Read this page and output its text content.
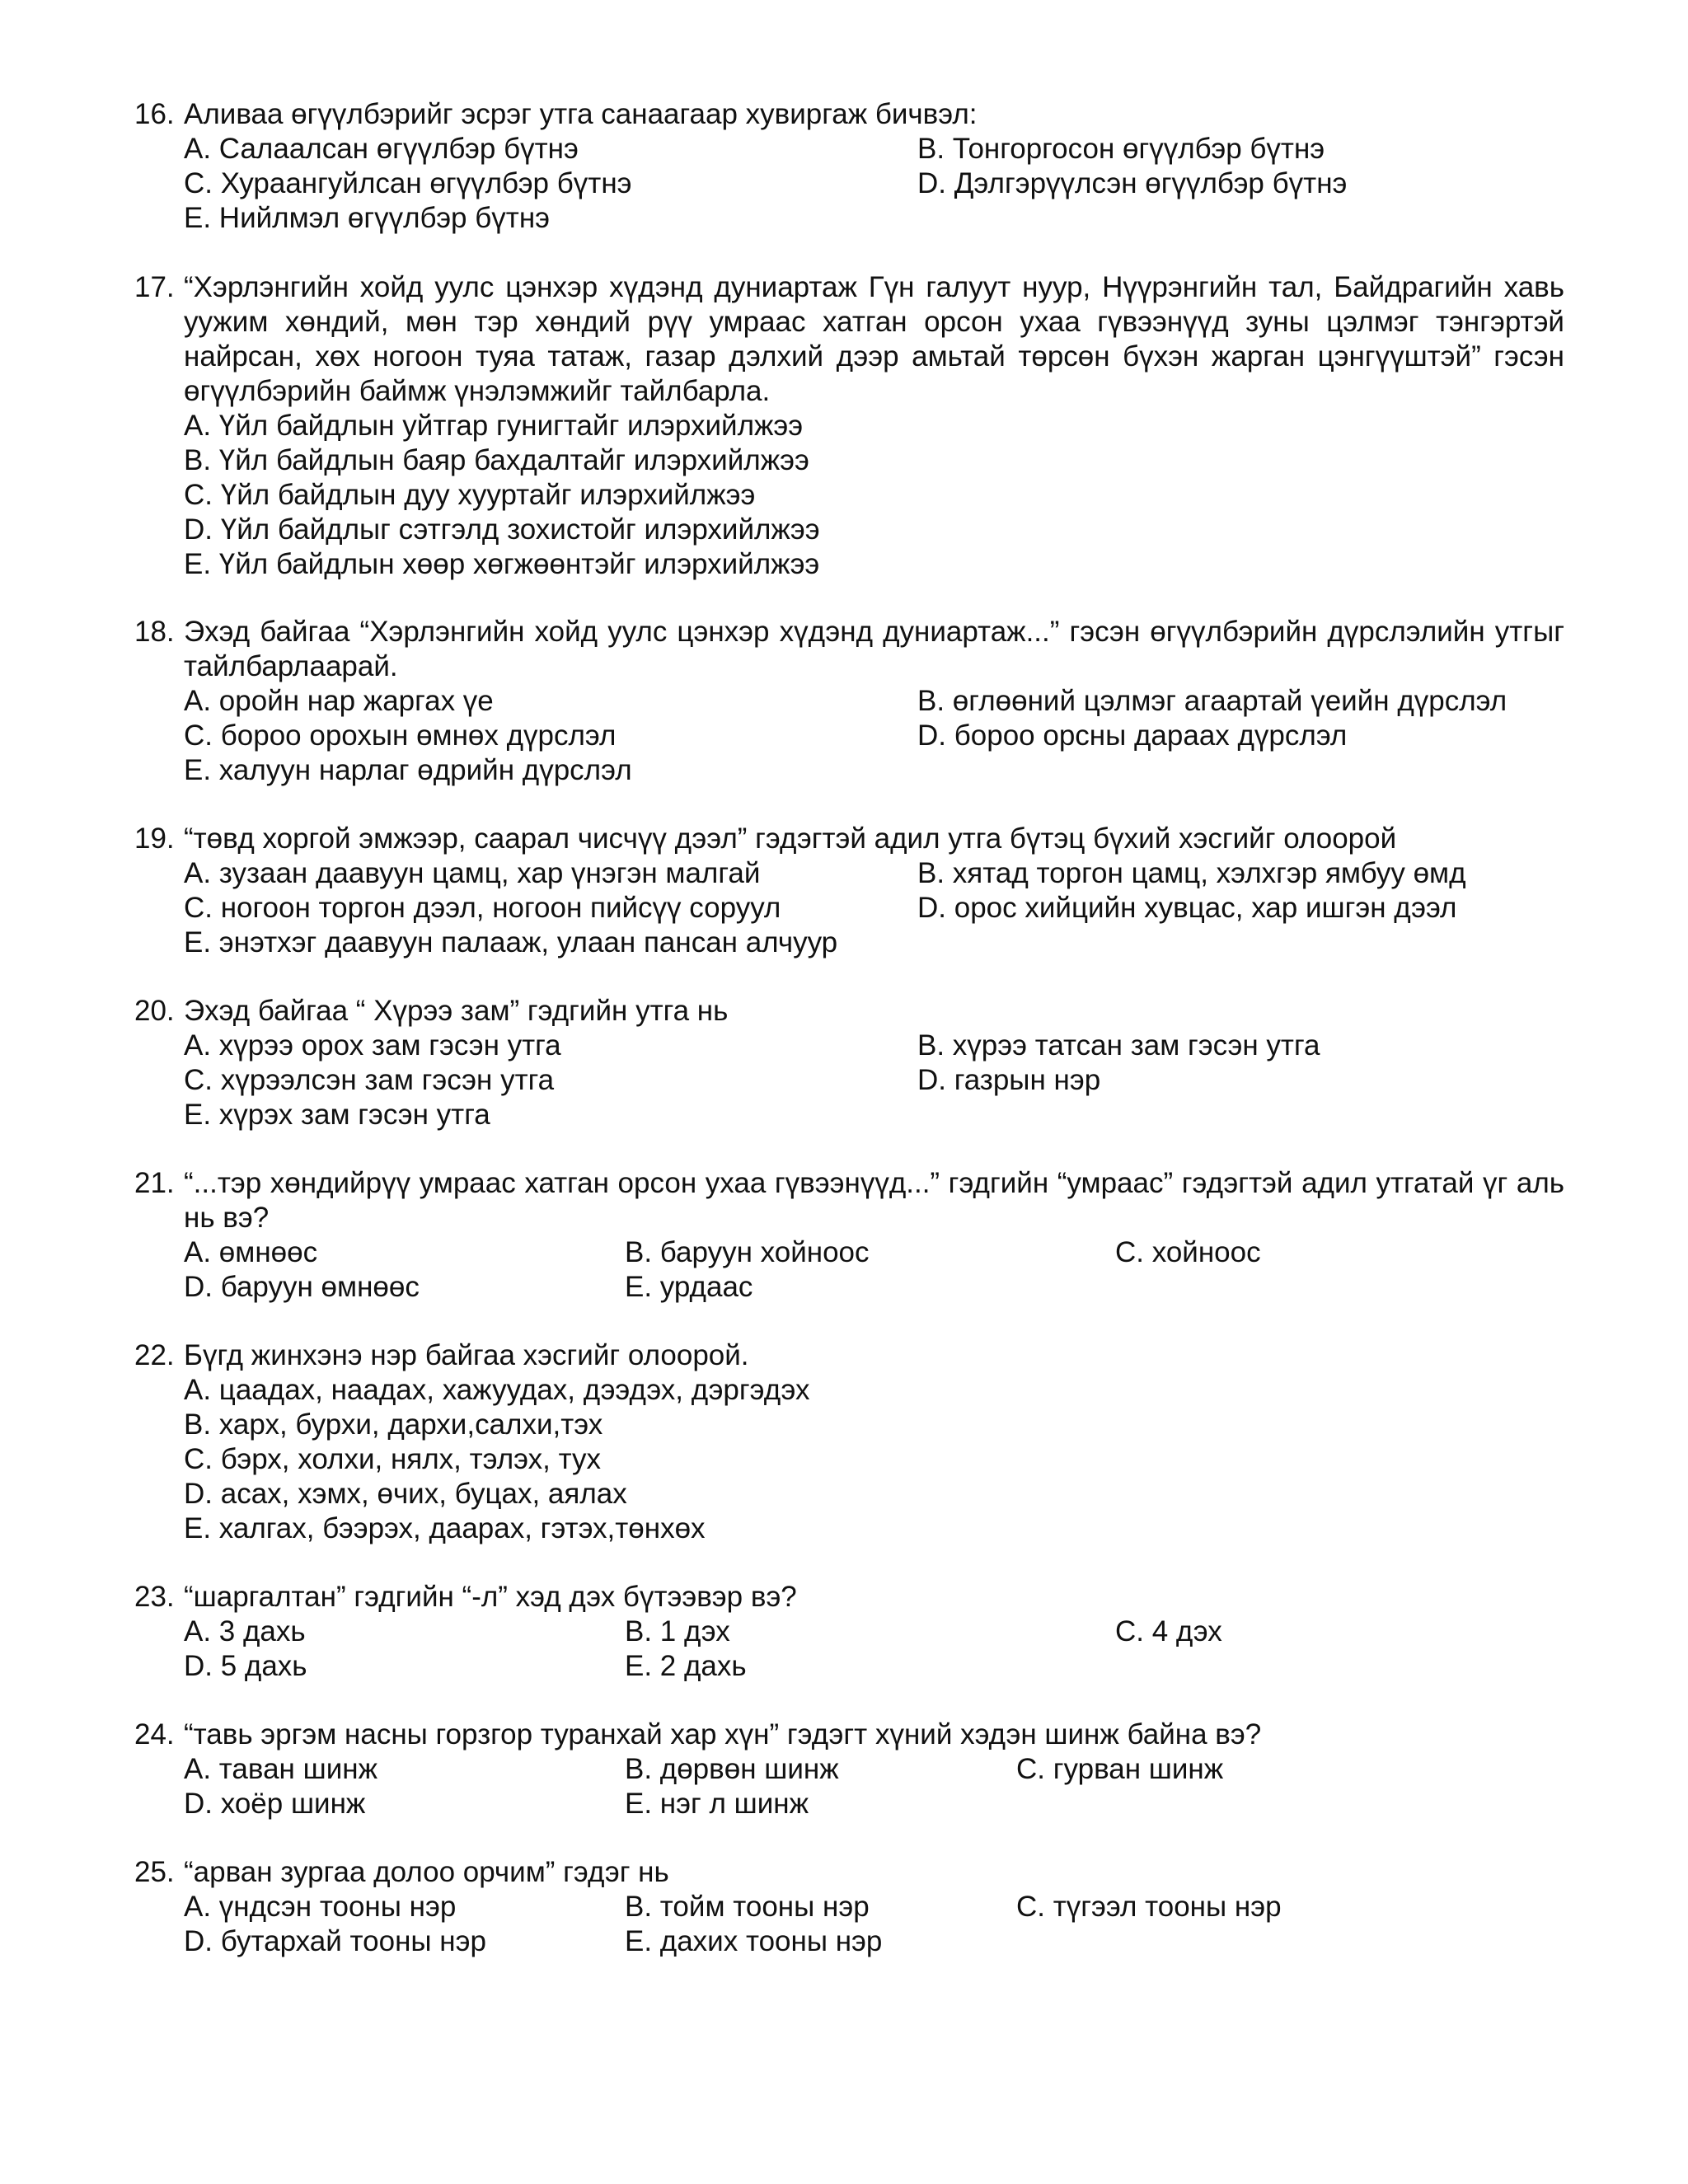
16. Аливаа өгүүлбэрийг эсрэг утга санаагаар хувиргаж бичвэл:
A. Салаалсан өгүүлбэр бүтнэ	B. Тонгоргосон өгүүлбэр бүтнэ
C. Хураангуйлсан өгүүлбэр бүтнэ	D. Дэлгэрүүлсэн өгүүлбэр бүтнэ
E. Нийлмэл өгүүлбэр бүтнэ
17. “Хэрлэнгийн хойд уулс цэнхэр хүдэнд дуниартаж Гүн галуут нуур, Нүүрэнгийн тал, Байдрагийн хавь уужим хөндий, мөн тэр хөндий рүү умраас хатган орсон ухаа гүвээнүүд зуны цэлмэг тэнгэртэй найрсан, хөх ногоон туяа татаж, газар дэлхий дээр амьтай төрсөн бүхэн жарган цэнгүүштэй” гэсэн өгүүлбэрийн баймж үнэлэмжийг тайлбарла.
A. Үйл байдлын уйтгар гунигтайг илэрхийлжээ
B. Үйл байдлын баяр бахдалтайг илэрхийлжээ
C. Үйл байдлын дуу хууртайг илэрхийлжээ
D. Үйл байдлыг сэтгэлд зохистойг илэрхийлжээ
E. Үйл байдлын хөөр хөгжөөнтэйг илэрхийлжээ
18. Эхэд байгаа “Хэрлэнгийн хойд уулс цэнхэр хүдэнд дуниартаж...” гэсэн өгүүлбэрийн дүрслэлийн утгыг тайлбарлаарай.
A. оройн нар жаргах үе	B. өглөөний цэлмэг агаартай үеийн дүрслэл
C. бороо орохын өмнөх дүрслэл	D. бороо орсны дараах дүрслэл
E. халуун нарлаг өдрийн дүрслэл
19. “төвд хоргой эмжээр, саарал чисчүү дээл” гэдэгтэй адил утга бүтэц бүхий хэсгийг олоорой
A. зузаан даавуун цамц, хар үнэгэн малгай	B. хятад торгон цамц, хэлхгэр ямбуу өмд
C. ногоон торгон дээл, ногоон пийсүү соруул	D. орос хийцийн хувцас, хар ишгэн дээл
E. энэтхэг даавуун палааж, улаан пансан алчуур
20. Эхэд байгаа “ Хүрээ зам” гэдгийн утга нь
A. хүрээ орох зам гэсэн утга	B. хүрээ татсан зам гэсэн утга
C. хүрээлсэн зам гэсэн утга	D. газрын нэр
E. хүрэх зам гэсэн утга
21. “...тэр хөндийрүү умраас хатган орсон ухаа гүвээнүүд...” гэдгийн “умраас” гэдэгтэй адил утгатай үг аль нь вэ?
A. өмнөөс	B. баруун хойноос	C. хойноос
D. баруун өмнөөс	E. урдаас
22. Бүгд жинхэнэ нэр байгаа хэсгийг олоорой.
A. цаадах, наадах, хажуудах, дээдэх, дэргэдэх
B. харх, бурхи, дархи,салхи,тэх
C. бэрх, холхи, нялх, тэлэх, тух
D. асах, хэмх, өчих, буцах, аялах
E. халгах, бээрэх, даарах, гэтэх,төнхөх
23. “шаргалтан” гэдгийн “-л” хэд дэх бүтээвэр вэ?
A. 3 дахь	B. 1 дэх	C. 4 дэх
D. 5 дахь	E. 2 дахь
24. “тавь эргэм насны горзгор туранхай хар хүн” гэдэгт хүний хэдэн шинж байна вэ?
A. таван шинж	B. дөрвөн шинж	C. гурван шинж
D. хоёр шинж	E. нэг л шинж
25. “арван зургаа долоо орчим” гэдэг нь
A. үндсэн тооны нэр	B. тойм тооны нэр	C. түгээл тооны нэр
D. бутархай тооны нэр	E. дахих тооны нэр
